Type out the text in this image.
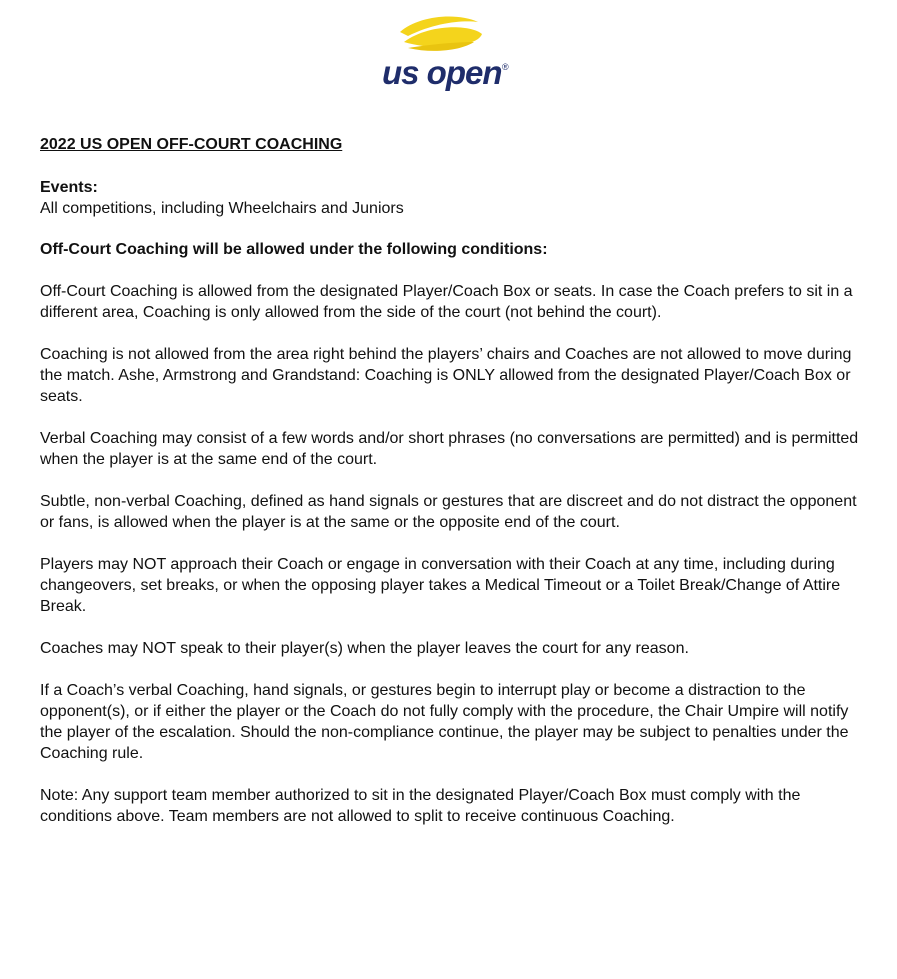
us open ®

2022 US OPEN OFF-COURT COACHING

Events:

All competitions, including Wheelchairs and Juniors

Off-Court Coaching will be allowed under the following conditions:

Off-Court Coaching is allowed from the designated Player/Coach Box or seats. In case the Coach prefers to sit in a different area, Coaching is only allowed from the side of the court (not behind the court).

Coaching is not allowed from the area right behind the players’ chairs and Coaches are not allowed to move during the match. Ashe, Armstrong and Grandstand: Coaching is ONLY allowed from the designated Player/Coach Box or seats.

Verbal Coaching may consist of a few words and/or short phrases (no conversations are permitted) and is permitted when the player is at the same end of the court.

Subtle, non-verbal Coaching, defined as hand signals or gestures that are discreet and do not distract the opponent or fans, is allowed when the player is at the same or the opposite end of the court.

Players may NOT approach their Coach or engage in conversation with their Coach at any time, including during changeovers, set breaks, or when the opposing player takes a Medical Timeout or a Toilet Break/Change of Attire Break.

Coaches may NOT speak to their player(s) when the player leaves the court for any reason.

If a Coach’s verbal Coaching, hand signals, or gestures begin to interrupt play or become a distraction to the opponent(s), or if either the player or the Coach do not fully comply with the procedure, the Chair Umpire will notify the player of the escalation. Should the non-compliance continue, the player may be subject to penalties under the Coaching rule.

Note: Any support team member authorized to sit in the designated Player/Coach Box must comply with the conditions above. Team members are not allowed to split to receive continuous Coaching.
